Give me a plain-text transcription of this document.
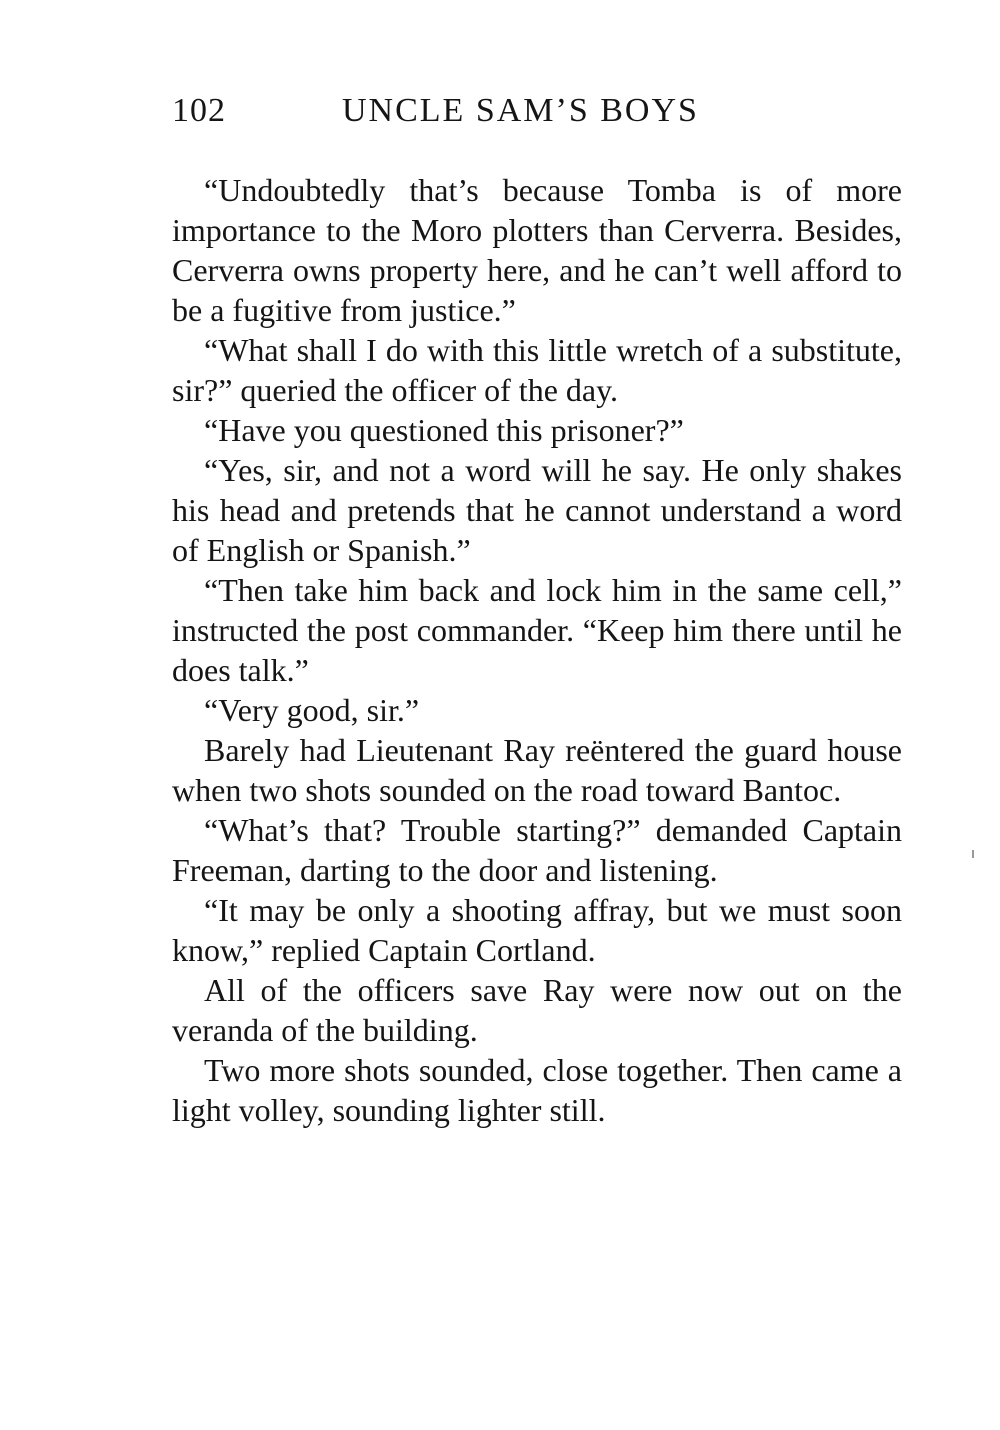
102	UNCLE SAM’S BOYS

“Undoubtedly that’s because Tomba is of more importance to the Moro plotters than Cerverra. Besides, Cerverra owns property here, and he can’t well afford to be a fugitive from justice.”

“What shall I do with this little wretch of a substitute, sir?” queried the officer of the day.

“Have you questioned this prisoner?”

“Yes, sir, and not a word will he say. He only shakes his head and pretends that he cannot understand a word of English or Spanish.”

“Then take him back and lock him in the same cell,” instructed the post commander. “Keep him there until he does talk.”

“Very good, sir.”

Barely had Lieutenant Ray reëntered the guard house when two shots sounded on the road toward Bantoc.

“What’s that? Trouble starting?” demanded Captain Freeman, darting to the door and listening.

“It may be only a shooting affray, but we must soon know,” replied Captain Cortland.

All of the officers save Ray were now out on the veranda of the building.

Two more shots sounded, close together. Then came a light volley, sounding lighter still.
